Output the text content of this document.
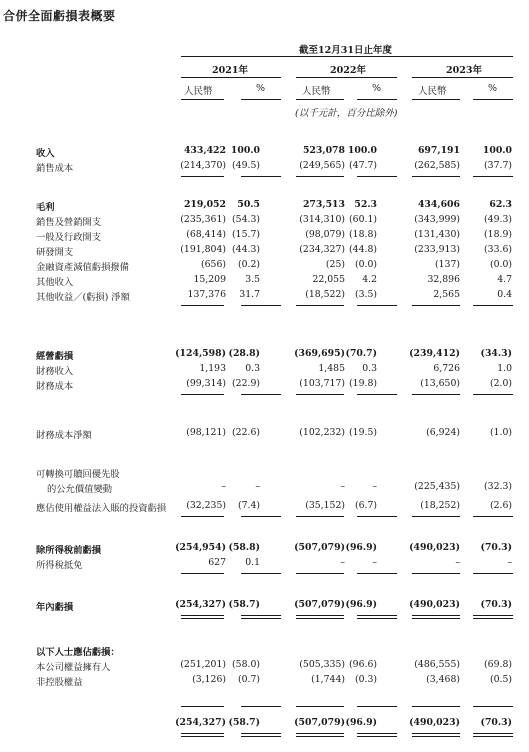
合併全面虧損表概要
截至12月31日止年度
2021年	2022年	2023年
人民幣	%	人民幣	%	人民幣	%
(以千元計，百分比除外)
收入	433,422 100.0	523,078 100.0	697,191 100.0
銷售成本	(214,370) (49.5)	(249,565) (47.7)	(262,585)	(37.7)
毛利	219,052 50.5	273,513 52.3	434,606	62.3
銷售及營銷開支	(235,361) (54.3)	(314,310) (60.1)	(343,999)	(49.3)
一般及行政開支	(68,414) (15.7)	(98,079) (18.8)	(131,430)	(18.9)
研發開支	(191,804) (44.3)	(234,327) (44.8)	(233,913)	(33.6)
金融資產減值虧損撥備	(656) (0.2)	(25) (0.0)	(137)	(0.0)
其他收入	15,209 3.5	22,055 4.2	32,896	4.7
其他收益／(虧損) 淨額	137,376 31.7	(18,522) (3.5)	2,565	0.4
經營虧損	(124,598) (28.8)	(369,695) (70.7)	(239,412) (34.3)
財務收入	1,193 0.3	1,485 0.3	6,726	1.0
財務成本	(99,314) (22.9)	(103,717) (19.8)	(13,650)	(2.0)
財務成本淨額	(98,121) (22.6)	(102,232) (19.5)	(6,924)	(1.0)
可轉換可贖回優先股
的公允價值變動	–	–	–	–	(225,435)	(32.3)
應佔使用權益法入賬的投資虧損 (32,235) (7.4)	(35,152) (6.7)	(18,252)	(2.6)
除所得稅前虧損	(254,954) (58.8)	(507,079) (96.9)	(490,023) (70.3)
所得稅抵免	627 0.1	–	–	–	–
年內虧損	(254,327) (58.7)	(507,079) (96.9)	(490,023) (70.3)
以下人士應佔虧損：
本公司權益擁有人	(251,201) (58.0)	(505,335) (96.6)	(486,555)	(69.8)
非控股權益	(3,126) (0.7)	(1,744) (0.3)	(3,468)	(0.5)
(254,327) (58.7)	(507,079) (96.9)	(490,023) (70.3)
